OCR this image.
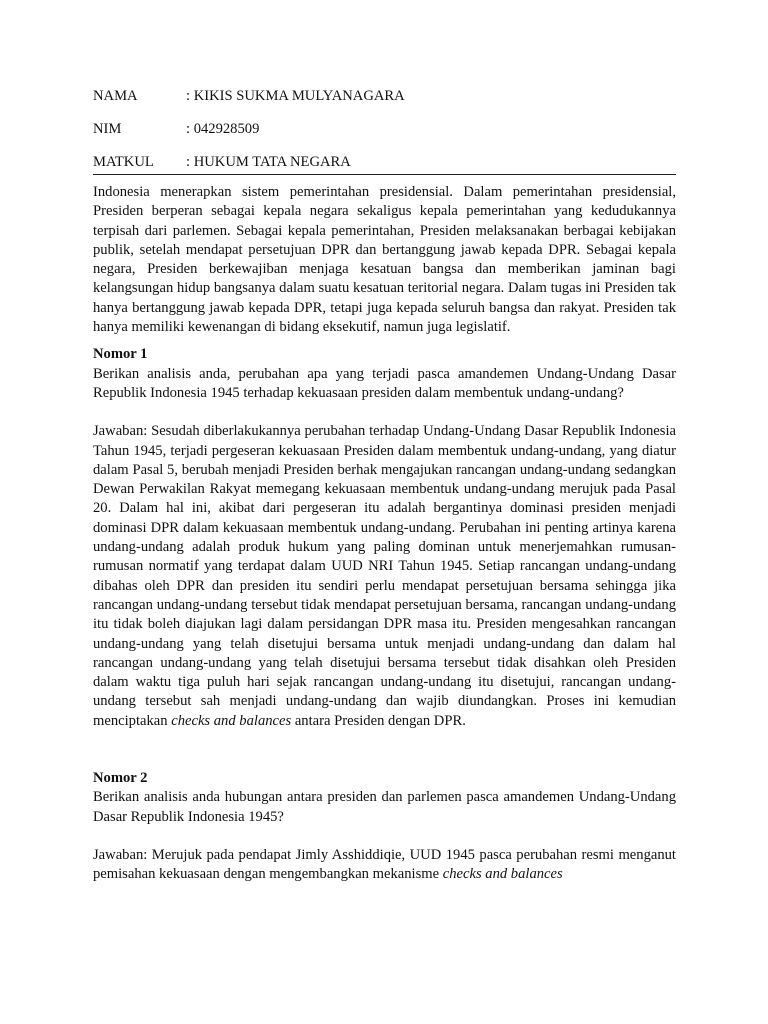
NAMA	: KIKIS SUKMA MULYANAGARA
NIM	: 042928509
MATKUL	: HUKUM TATA NEGARA

Indonesia menerapkan sistem pemerintahan presidensial. Dalam pemerintahan presidensial, Presiden berperan sebagai kepala negara sekaligus kepala pemerintahan yang kedudukannya terpisah dari parlemen. Sebagai kepala pemerintahan, Presiden melaksanakan berbagai kebijakan publik, setelah mendapat persetujuan DPR dan bertanggung jawab kepada DPR. Sebagai kepala negara, Presiden berkewajiban menjaga kesatuan bangsa dan memberikan jaminan bagi kelangsungan hidup bangsanya dalam suatu kesatuan teritorial negara. Dalam tugas ini Presiden tak hanya bertanggung jawab kepada DPR, tetapi juga kepada seluruh bangsa dan rakyat. Presiden tak hanya memiliki kewenangan di bidang eksekutif, namun juga legislatif.

Nomor 1

Berikan analisis anda, perubahan apa yang terjadi pasca amandemen Undang-Undang Dasar Republik Indonesia 1945 terhadap kekuasaan presiden dalam membentuk undang-undang?

Jawaban: Sesudah diberlakukannya perubahan terhadap Undang-Undang Dasar Republik Indonesia Tahun 1945, terjadi pergeseran kekuasaan Presiden dalam membentuk undang-undang, yang diatur dalam Pasal 5, berubah menjadi Presiden berhak mengajukan rancangan undang-undang sedangkan Dewan Perwakilan Rakyat memegang kekuasaan membentuk undang-undang merujuk pada Pasal 20. Dalam hal ini, akibat dari pergeseran itu adalah bergantinya dominasi presiden menjadi dominasi DPR dalam kekuasaan membentuk undang-undang. Perubahan ini penting artinya karena undang-undang adalah produk hukum yang paling dominan untuk menerjemahkan rumusan-rumusan normatif yang terdapat dalam UUD NRI Tahun 1945. Setiap rancangan undang-undang dibahas oleh DPR dan presiden itu sendiri perlu mendapat persetujuan bersama sehingga jika rancangan undang-undang tersebut tidak mendapat persetujuan bersama, rancangan undang-undang itu tidak boleh diajukan lagi dalam persidangan DPR masa itu. Presiden mengesahkan rancangan undang-undang yang telah disetujui bersama untuk menjadi undang-undang dan dalam hal rancangan undang-undang yang telah disetujui bersama tersebut tidak disahkan oleh Presiden dalam waktu tiga puluh hari sejak rancangan undang-undang itu disetujui, rancangan undang-undang tersebut sah menjadi undang-undang dan wajib diundangkan. Proses ini kemudian menciptakan checks and balances antara Presiden dengan DPR.

Nomor 2

Berikan analisis anda hubungan antara presiden dan parlemen pasca amandemen Undang-Undang Dasar Republik Indonesia 1945?

Jawaban: Merujuk pada pendapat Jimly Asshiddiqie, UUD 1945 pasca perubahan resmi menganut pemisahan kekuasaan dengan mengembangkan mekanisme checks and balances
